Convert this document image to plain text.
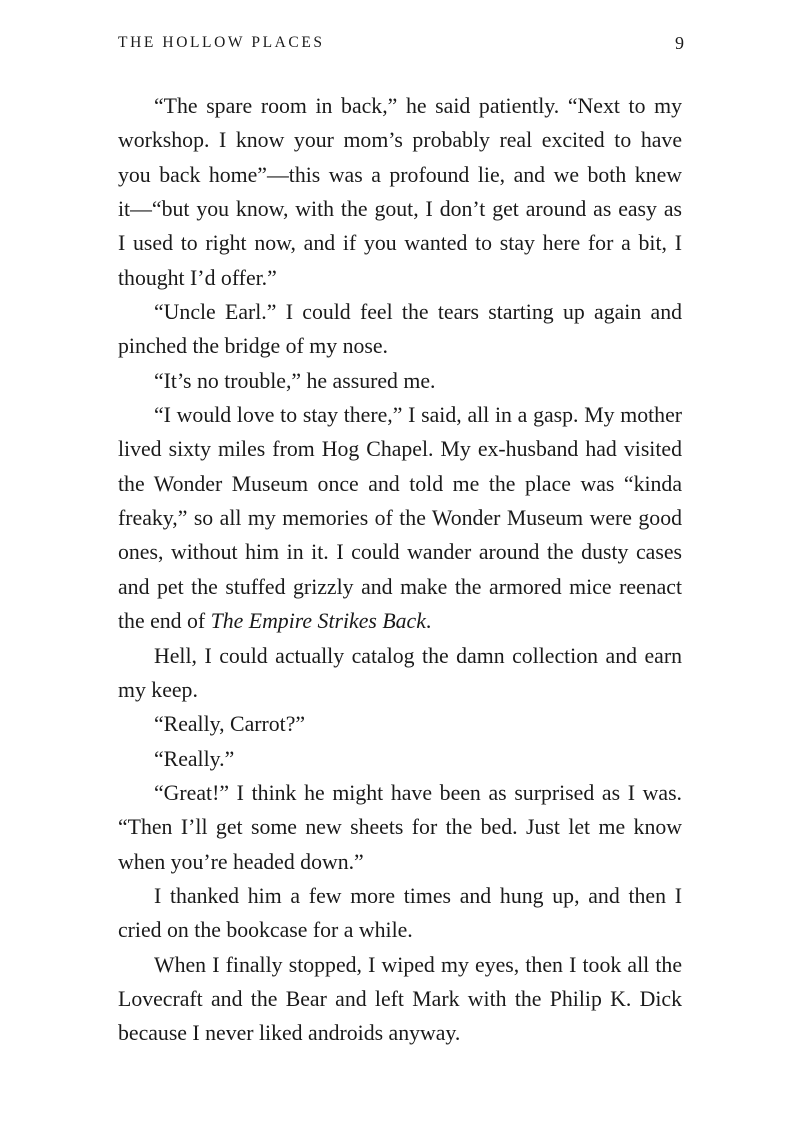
THE HOLLOW PLACES	9
“The spare room in back,” he said patiently. “Next to my
workshop. I know your mom’s probably real excited to have
you back home”—this was a profound lie, and we both knew
it—“but you know, with the gout, I don’t get around as easy as
I used to right now, and if you wanted to stay here for a bit, I
thought I’d offer.”
“Uncle Earl.” I could feel the tears starting up again and
pinched the bridge of my nose.
“It’s no trouble,” he assured me.
“I would love to stay there,” I said, all in a gasp. My mother
lived sixty miles from Hog Chapel. My ex-husband had visited
the Wonder Museum once and told me the place was “kinda
freaky,” so all my memories of the Wonder Museum were good
ones, without him in it. I could wander around the dusty cases
and pet the stuffed grizzly and make the armored mice reenact
the end of The Empire Strikes Back.
Hell, I could actually catalog the damn collection and earn
my keep.
“Really, Carrot?”
“Really.”
“Great!” I think he might have been as surprised as I was.
“Then I’ll get some new sheets for the bed. Just let me know
when you’re headed down.”
I thanked him a few more times and hung up, and then I
cried on the bookcase for a while.
When I finally stopped, I wiped my eyes, then I took all the
Lovecraft and the Bear and left Mark with the Philip K. Dick
because I never liked androids anyway.
